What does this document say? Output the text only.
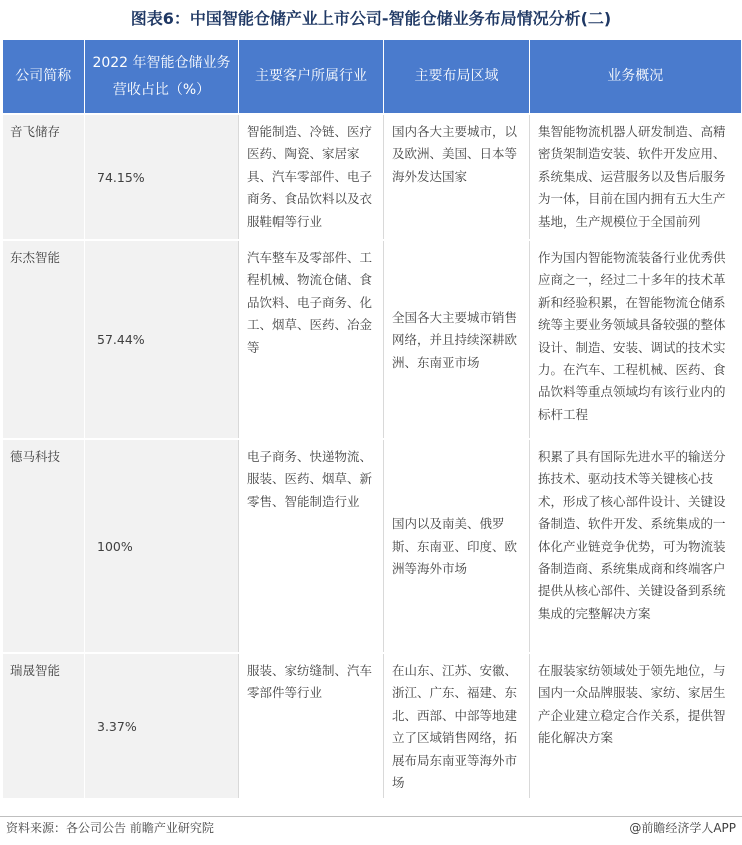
图表6：中国智能仓储产业上市公司-智能仓储业务布局情况分析(二)
公司简称	2022 年智能仓储业务营收占比（%）	主要客户所属行业	主要布局区域	业务概况
音飞储存	74.15%	智能制造、冷链、医疗医药、陶瓷、家居家具、汽车零部件、电子商务、食品饮料以及衣服鞋帽等行业	国内各大主要城市，以及欧洲、美国、日本等海外发达国家	集智能物流机器人研发制造、高精密货架制造安装、软件开发应用、系统集成、运营服务以及售后服务为一体，目前在国内拥有五大生产基地，生产规模位于全国前列
东杰智能	57.44%	汽车整车及零部件、工程机械、物流仓储、食品饮料、电子商务、化工、烟草、医药、冶金等	全国各大主要城市销售网络，并且持续深耕欧洲、东南亚市场	作为国内智能物流装备行业优秀供应商之一，经过二十多年的技术革新和经验积累，在智能物流仓储系统等主要业务领域具备较强的整体设计、制造、安装、调试的技术实力。在汽车、工程机械、医药、食品饮料等重点领域均有该行业内的标杆工程
德马科技	100%	电子商务、快递物流、服装、医药、烟草、新零售、智能制造行业	国内以及南美、俄罗斯、东南亚、印度、欧洲等海外市场	积累了具有国际先进水平的输送分拣技术、驱动技术等关键核心技术，形成了核心部件设计、关键设备制造、软件开发、系统集成的一体化产业链竞争优势，可为物流装备制造商、系统集成商和终端客户提供从核心部件、关键设备到系统集成的完整解决方案
瑞晟智能	3.37%	服装、家纺缝制、汽车零部件等行业	在山东、江苏、安徽、浙江、广东、福建、东北、西部、中部等地建立了区域销售网络，拓展布局东南亚等海外市场	在服装家纺领域处于领先地位，与国内一众品牌服装、家纺、家居生产企业建立稳定合作关系，提供智能化解决方案
资料来源：各公司公告 前瞻产业研究院	@前瞻经济学人APP
